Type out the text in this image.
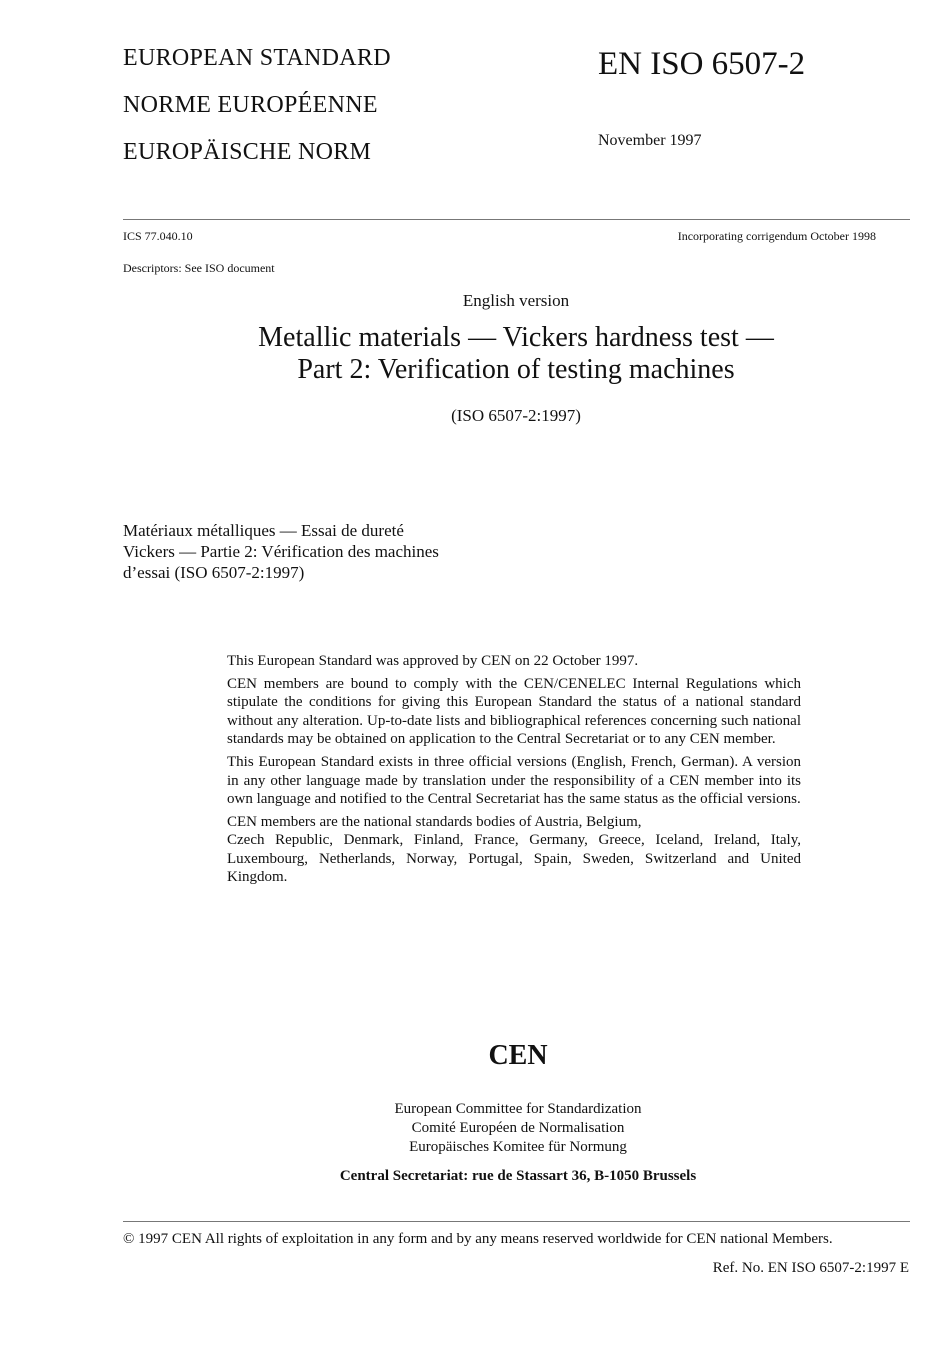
EUROPEAN STANDARD
NORME EUROPÉENNE
EUROPÄISCHE NORM
EN ISO 6507-2
November 1997
ICS 77.040.10	Incorporating corrigendum October 1998
Descriptors: See ISO document
English version
Metallic materials — Vickers hardness test —
Part 2: Verification of testing machines
(ISO 6507-2:1997)
Matériaux métalliques — Essai de dureté
Vickers — Partie 2: Vérification des machines
d’essai (ISO 6507-2:1997)

This European Standard was approved by CEN on 22 October 1997.

CEN members are bound to comply with the CEN/CENELEC Internal Regulations which stipulate the conditions for giving this European Standard the status of a national standard without any alteration. Up-to-date lists and bibliographical references concerning such national standards may be obtained on application to the Central Secretariat or to any CEN member.

This European Standard exists in three official versions (English, French, German). A version in any other language made by translation under the responsibility of a CEN member into its own language and notified to the Central Secretariat has the same status as the official versions.

CEN members are the national standards bodies of Austria, Belgium,
Czech Republic, Denmark, Finland, France, Germany, Greece, Iceland, Ireland, Italy, Luxembourg, Netherlands, Norway, Portugal, Spain, Sweden, Switzerland and United Kingdom.

CEN
European Committee for Standardization
Comité Européen de Normalisation
Europäisches Komitee für Normung
Central Secretariat: rue de Stassart 36, B-1050 Brussels
© 1997 CEN All rights of exploitation in any form and by any means reserved worldwide for CEN national Members.
Ref. No. EN ISO 6507-2:1997 E
